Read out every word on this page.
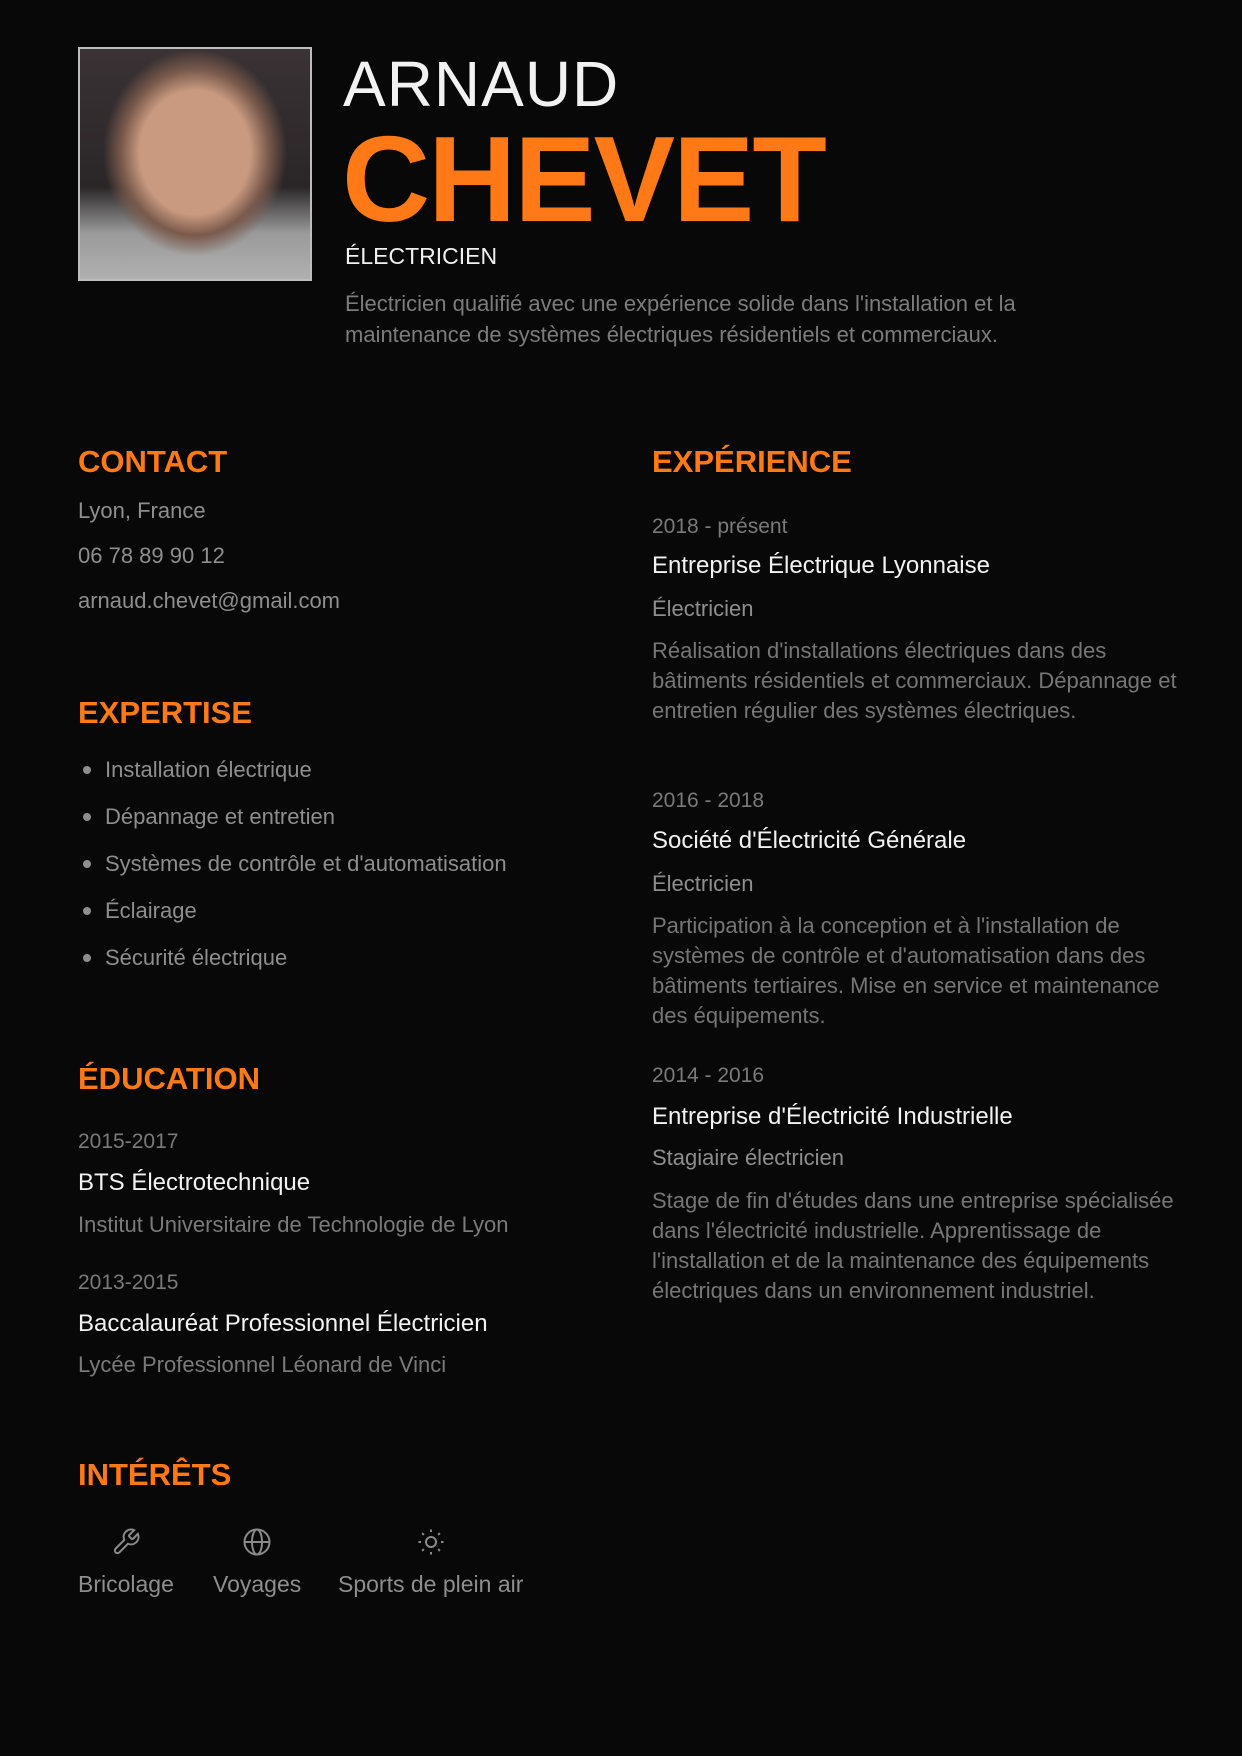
ARNAUD
CHEVET
ÉLECTRICIEN
Électricien qualifié avec une expérience solide dans l'installation et la maintenance de systèmes électriques résidentiels et commerciaux.
CONTACT
Lyon, France
06 78 89 90 12
arnaud.chevet@gmail.com
EXPERTISE
Installation électrique
Dépannage et entretien
Systèmes de contrôle et d'automatisation
Éclairage
Sécurité électrique
ÉDUCATION
2015-2017
BTS Électrotechnique
Institut Universitaire de Technologie de Lyon
2013-2015
Baccalauréat Professionnel Électricien
Lycée Professionnel Léonard de Vinci
INTÉRÊTS
Bricolage Voyages Sports de plein air
EXPÉRIENCE
2018 - présent
Entreprise Électrique Lyonnaise
Électricien
Réalisation d'installations électriques dans des bâtiments résidentiels et commerciaux. Dépannage et entretien régulier des systèmes électriques.
2016 - 2018
Société d'Électricité Générale
Électricien
Participation à la conception et à l'installation de systèmes de contrôle et d'automatisation dans des bâtiments tertiaires. Mise en service et maintenance des équipements.
2014 - 2016
Entreprise d'Électricité Industrielle
Stagiaire électricien
Stage de fin d'études dans une entreprise spécialisée dans l'électricité industrielle. Apprentissage de l'installation et de la maintenance des équipements électriques dans un environnement industriel.
